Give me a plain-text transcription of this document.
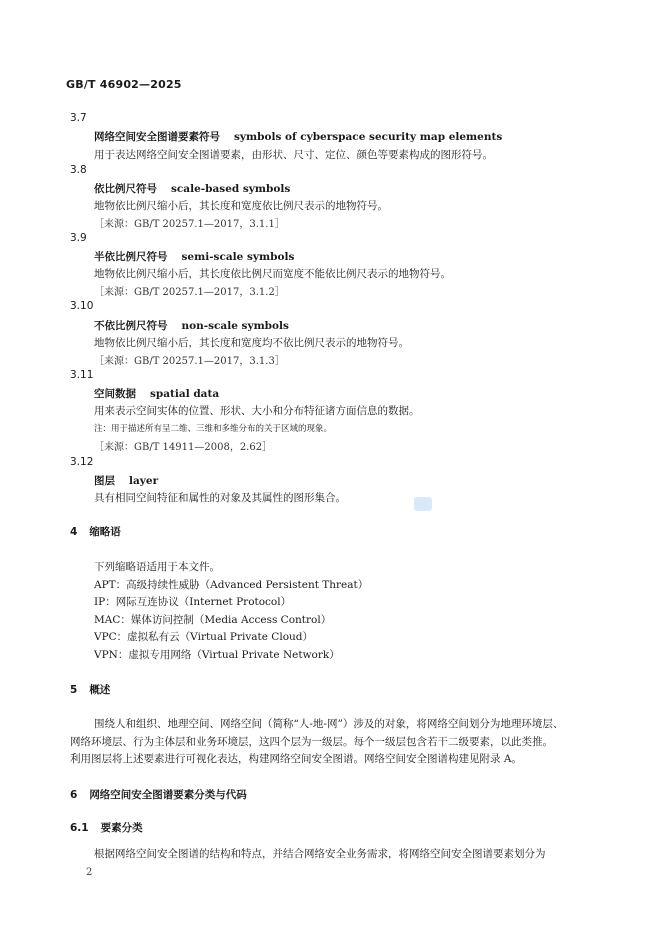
GB/T 46902—2025
3.7
网络空间安全图谱要素符号 symbols of cyberspace security map elements
用于表达网络空间安全图谱要素，由形状、尺寸、定位、颜色等要素构成的图形符号。
3.8
依比例尺符号 scale-based symbols
地物依比例尺缩小后，其长度和宽度依比例尺表示的地物符号。
［来源：GB/T 20257.1—2017，3.1.1］
3.9
半依比例尺符号 semi-scale symbols
地物依比例尺缩小后，其长度依比例尺而宽度不能依比例尺表示的地物符号。
［来源：GB/T 20257.1—2017，3.1.2］
3.10
不依比例尺符号 non-scale symbols
地物依比例尺缩小后，其长度和宽度均不依比例尺表示的地物符号。
［来源：GB/T 20257.1—2017，3.1.3］
3.11
空间数据 spatial data
用来表示空间实体的位置、形状、大小和分布特征诸方面信息的数据。
注：用于描述所有呈二维、三维和多维分布的关于区域的现象。
［来源：GB/T 14911—2008，2.62］
3.12
图层 layer
具有相同空间特征和属性的对象及其属性的图形集合。
4 缩略语
下列缩略语适用于本文件。
APT：高级持续性威胁（Advanced Persistent Threat）
IP：网际互连协议（Internet Protocol）
MAC：媒体访问控制（Media Access Control）
VPC：虚拟私有云（Virtual Private Cloud）
VPN：虚拟专用网络（Virtual Private Network）
5 概述
围绕人和组织、地理空间、网络空间（简称“人-地-网”）涉及的对象，将网络空间划分为地理环境层、
网络环境层、行为主体层和业务环境层，这四个层为一级层。每个一级层包含若干二级要素，以此类推。
利用图层将上述要素进行可视化表达，构建网络空间安全图谱。网络空间安全图谱构建见附录 A。
6 网络空间安全图谱要素分类与代码
6.1 要素分类
根据网络空间安全图谱的结构和特点，并结合网络安全业务需求，将网络空间安全图谱要素划分为
2
